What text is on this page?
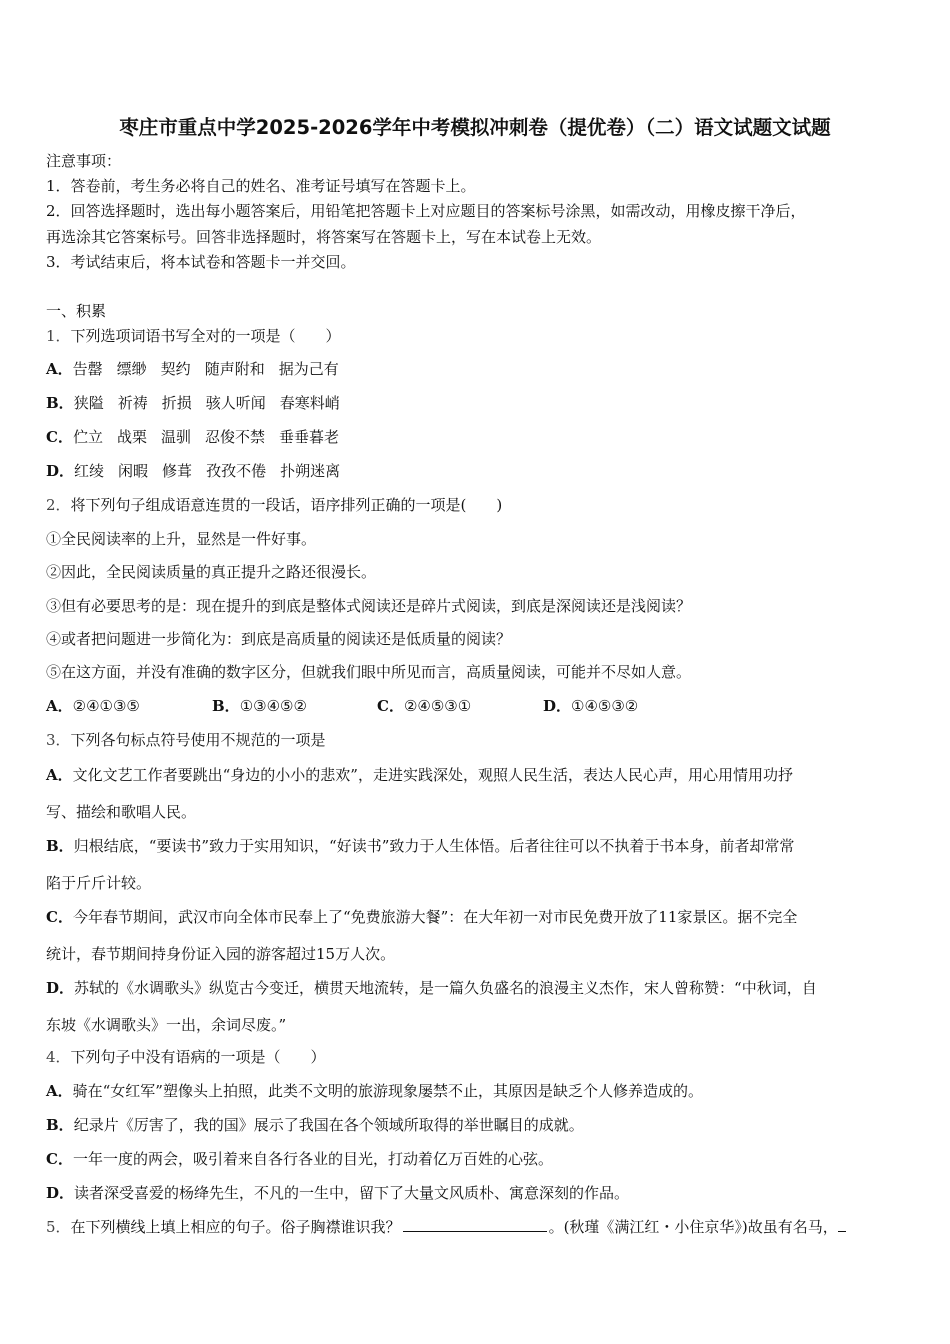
枣庄市重点中学2025-2026学年中考模拟冲刺卷（提优卷）（二）语文试题文试题
注意事项：
1．答卷前，考生务必将自己的姓名、准考证号填写在答题卡上。
2．回答选择题时，选出每小题答案后，用铅笔把答题卡上对应题目的答案标号涂黑，如需改动，用橡皮擦干净后，
再选涂其它答案标号。回答非选择题时，将答案写在答题卡上，写在本试卷上无效。
3．考试结束后，将本试卷和答题卡一并交回。
一、积累
1．下列选项词语书写全对的一项是（　　）
A．告罄 缥缈 契约 随声附和 据为己有
B．狭隘 祈祷 折损 骇人听闻 春寒料峭
C．伫立 战栗 温驯 忍俊不禁 垂垂暮老
D．红绫 闲暇 修葺 孜孜不倦 扑朔迷离
2．将下列句子组成语意连贯的一段话，语序排列正确的一项是(　　)
①全民阅读率的上升，显然是一件好事。
②因此，全民阅读质量的真正提升之路还很漫长。
③但有必要思考的是：现在提升的到底是整体式阅读还是碎片式阅读，到底是深阅读还是浅阅读？
④或者把问题进一步简化为：到底是高质量的阅读还是低质量的阅读？
⑤在这方面，并没有准确的数字区分，但就我们眼中所见而言，高质量阅读，可能并不尽如人意。
A．②④①③⑤	B．①③④⑤②	C．②④⑤③①	D．①④⑤③②
3．下列各句标点符号使用不规范的一项是
A．文化文艺工作者要跳出“身边的小小的悲欢”，走进实践深处，观照人民生活，表达人民心声，用心用情用功抒
写、描绘和歌唱人民。
B．归根结底，“要读书”致力于实用知识，“好读书”致力于人生体悟。后者往往可以不执着于书本身，前者却常常
陷于斤斤计较。
C．今年春节期间，武汉市向全体市民奉上了“免费旅游大餐”：在大年初一对市民免费开放了11家景区。据不完全
统计，春节期间持身份证入园的游客超过15万人次。
D．苏轼的《水调歌头》纵览古今变迁，横贯天地流转，是一篇久负盛名的浪漫主义杰作，宋人曾称赞：“中秋词，自
东坡《水调歌头》一出，余词尽废。”
4．下列句子中没有语病的一项是（　　）
A．骑在“女红军”塑像头上拍照，此类不文明的旅游现象屡禁不止，其原因是缺乏个人修养造成的。
B．纪录片《厉害了，我的国》展示了我国在各个领域所取得的举世瞩目的成就。
C．一年一度的两会，吸引着来自各行各业的目光，打动着亿万百姓的心弦。
D．读者深受喜爱的杨绛先生，不凡的一生中，留下了大量文风质朴、寓意深刻的作品。
5．在下列横线上填上相应的句子。俗子胸襟谁识我？	。(秋瑾《满江红・小住京华》)故虽有名马，
